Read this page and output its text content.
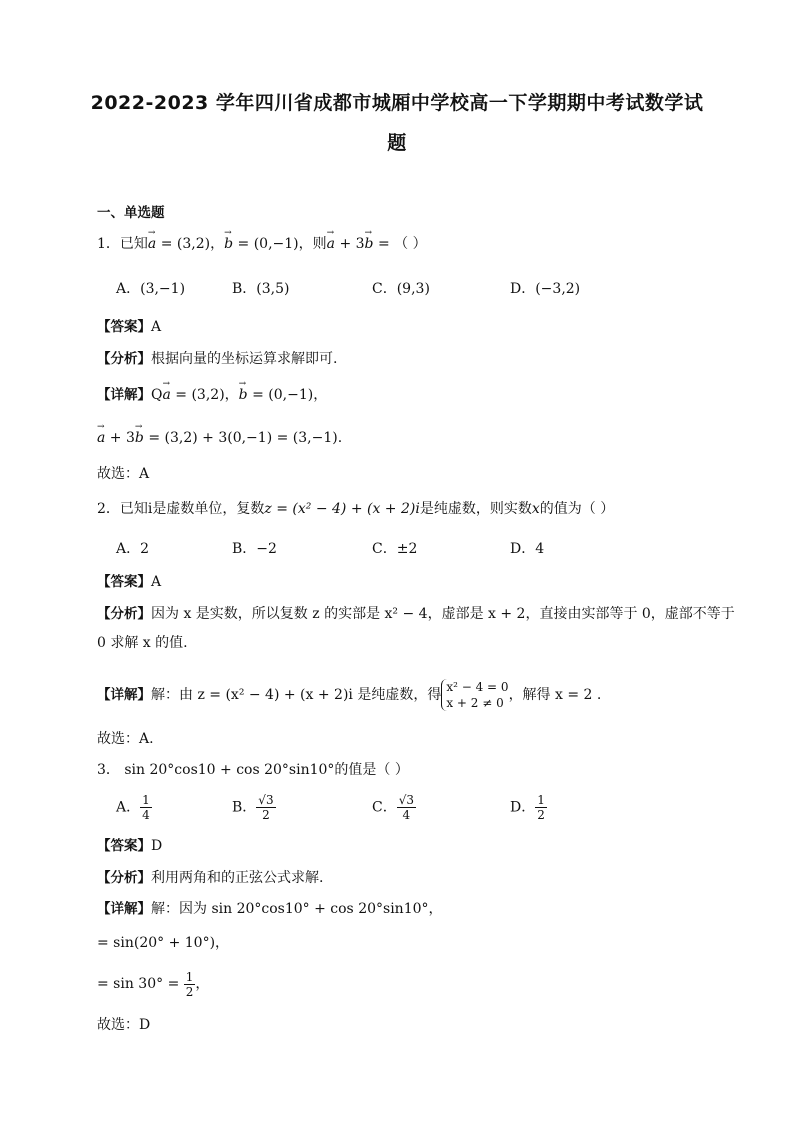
2022-2023 学年四川省成都市城厢中学校高一下学期期中考试数学试
题
一、单选题
1．已知→ a = (3,2)，→ b = (0,−1)，则→ a + 3→ b = （ ）
A．(3,−1)	B．(3,5)	C．(9,3)	D．(−3,2)
【答案】A
【分析】根据向量的坐标运算求解即可.
【详解】Q→ a = (3,2)，→ b = (0,−1)，
→ a + 3→ b = (3,2) + 3(0,−1) = (3,−1).
故选：A
2．已知i是虚数单位，复数z = (x² − 4) + (x + 2)i是纯虚数，则实数x的值为（ ）
A．2	B．−2	C．±2	D．4
【答案】A
【分析】因为 x 是实数，所以复数 z 的实部是 x² − 4，虚部是 x + 2，直接由实部等于 0，虚部不等于
0 求解 x 的值.
【详解】解：由 z = (x² − 4) + (x + 2)i 是纯虚数，得 x² − 4 = 0
x + 2 ≠ 0 ，解得 x = 2 .
故选：A.
3． sin 20°cos10 + cos 20°sin10°的值是（ ）
A． $\frac{1}{4}$	B． $\frac{√3}{2}$	C． $\frac{√3}{4}$	D． $\frac{1}{2}$
【答案】D
【分析】利用两角和的正弦公式求解.
【详解】解：因为 sin 20°cos10° + cos 20°sin10°，
= sin(20° + 10°)，
= $\sin 30^\circ = \frac{1}{2}$ ，
故选：D
